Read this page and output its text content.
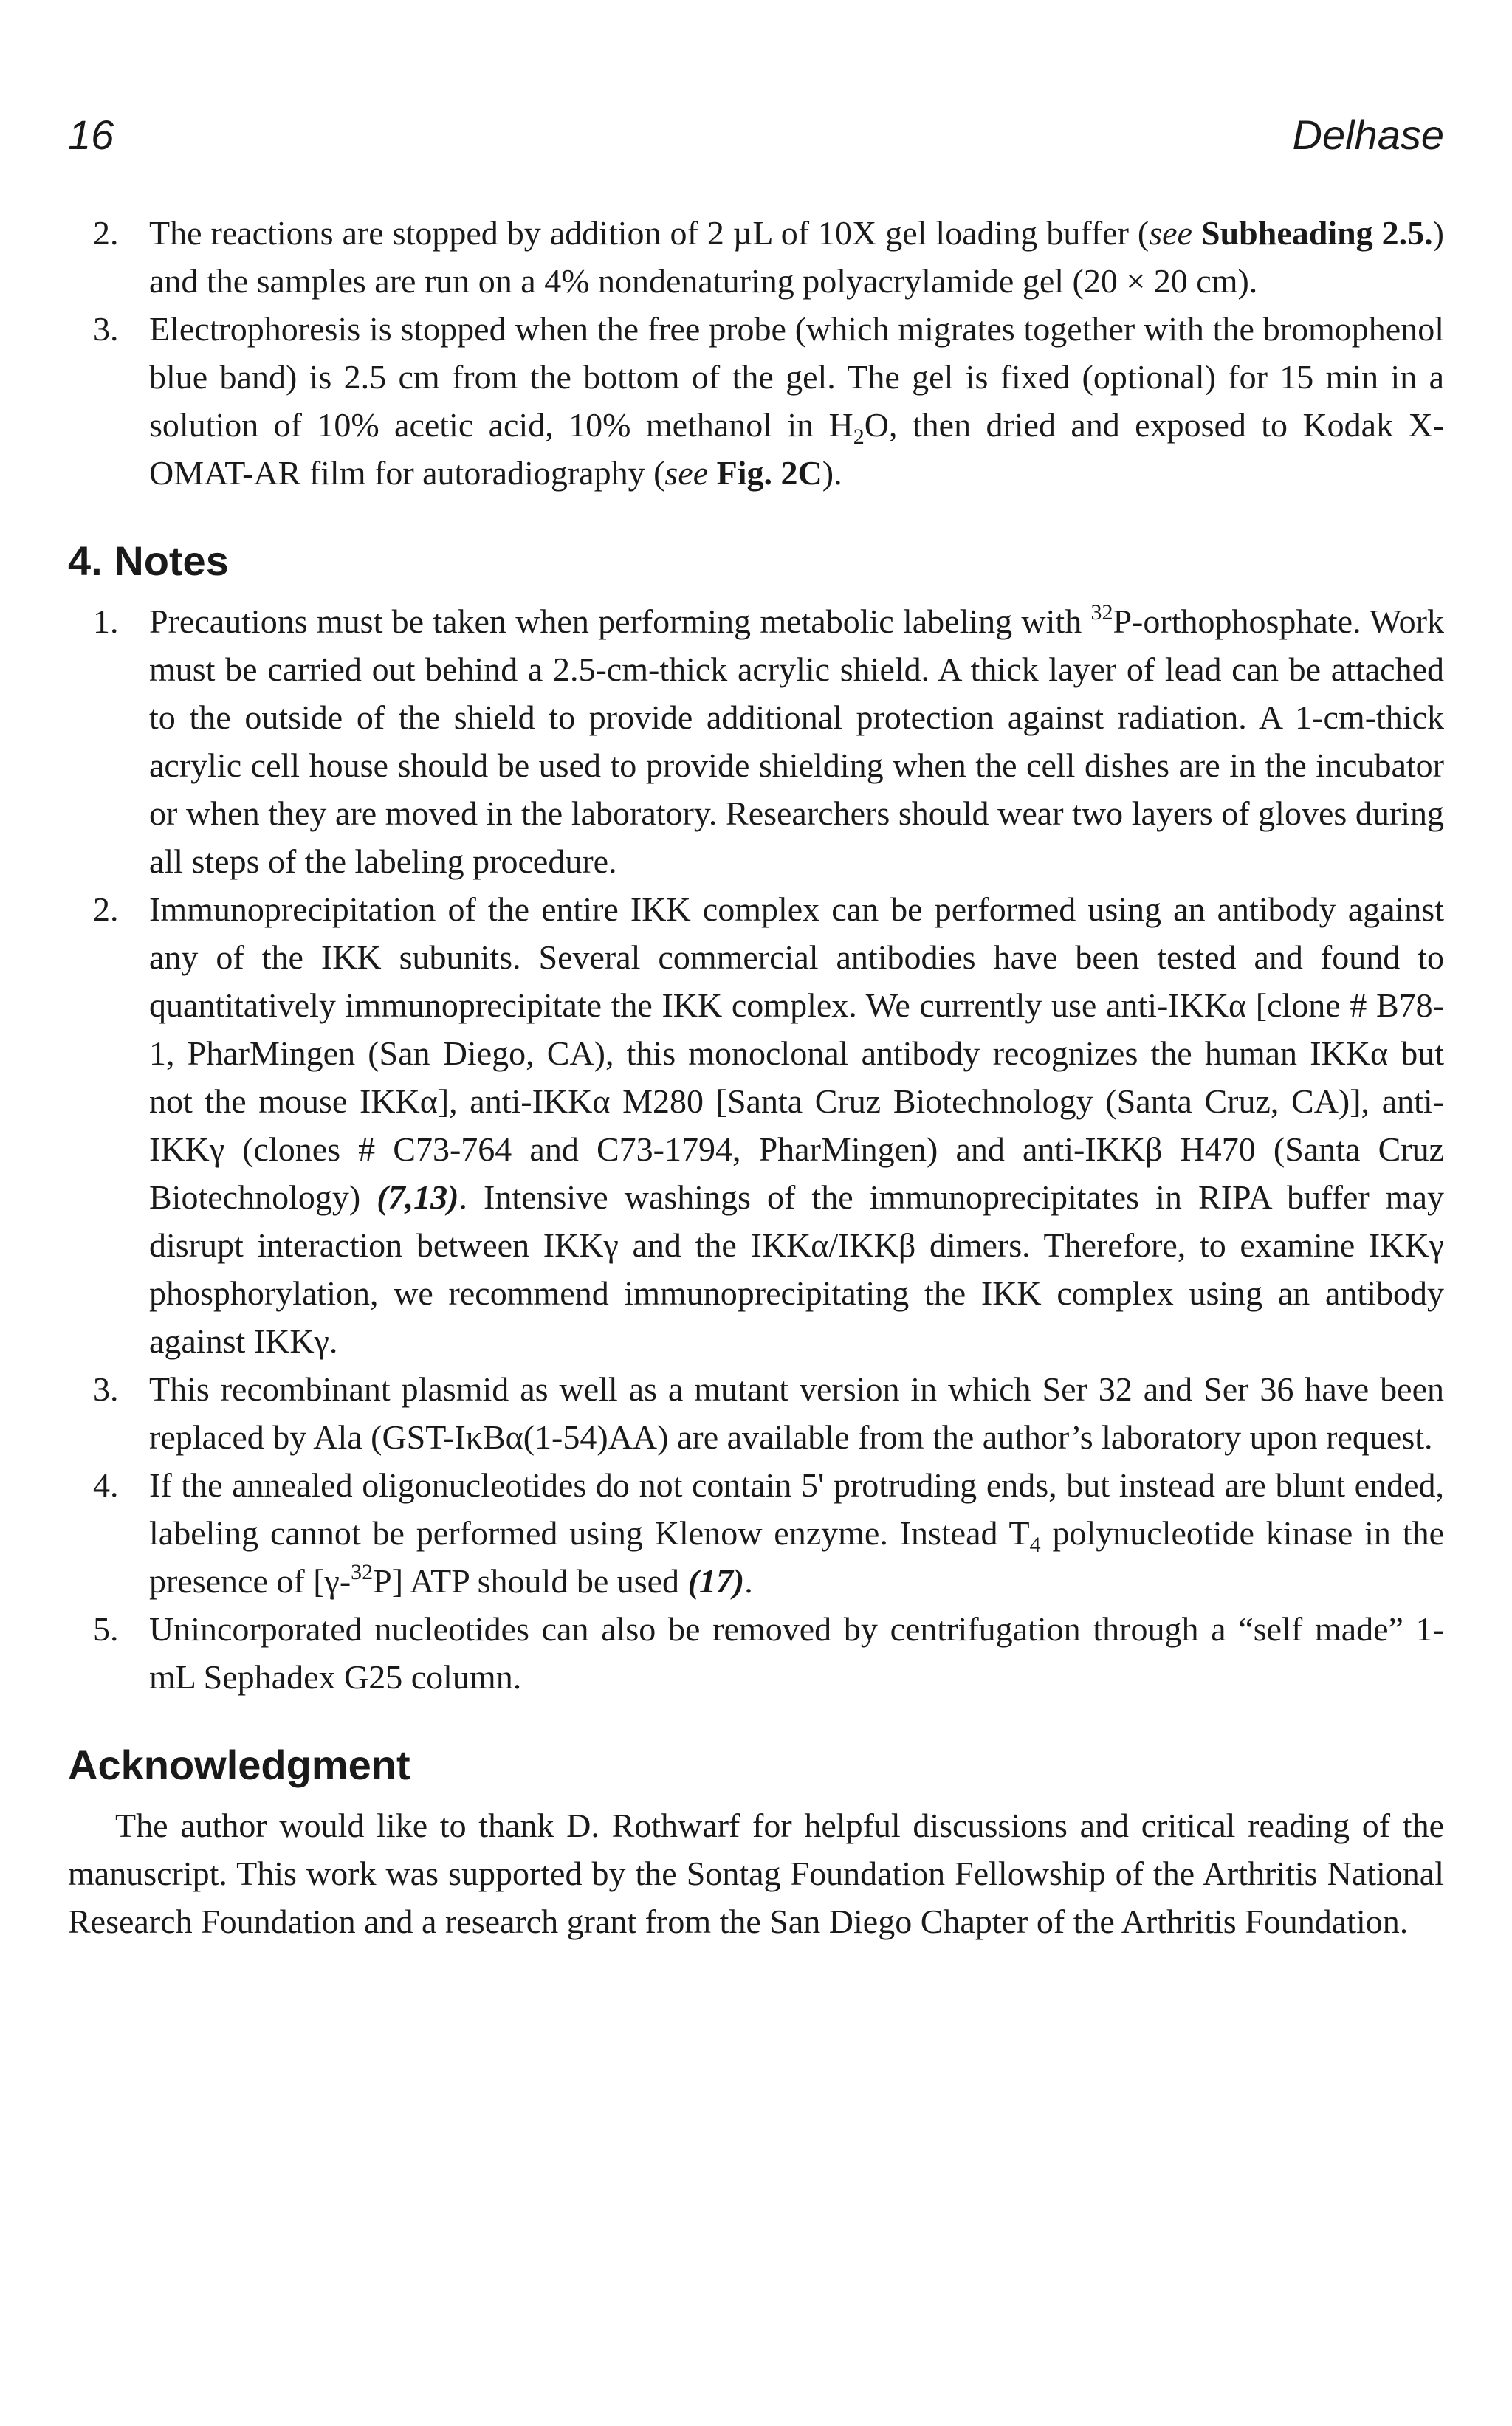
16	Delhase
2. The reactions are stopped by addition of 2 µL of 10X gel loading buffer (see Subheading 2.5.) and the samples are run on a 4% nondenaturing polyacrylamide gel (20 × 20 cm).
3. Electrophoresis is stopped when the free probe (which migrates together with the bromophenol blue band) is 2.5 cm from the bottom of the gel. The gel is fixed (optional) for 15 min in a solution of 10% acetic acid, 10% methanol in $H_2O$, then dried and exposed to Kodak X-OMAT-AR film for autoradiography (see Fig. 2C).
4. Notes
1. Precautions must be taken when performing metabolic labeling with $^{32}$P-orthophosphate. Work must be carried out behind a 2.5-cm-thick acrylic shield. A thick layer of lead can be attached to the outside of the shield to provide additional protection against radiation. A 1-cm-thick acrylic cell house should be used to provide shielding when the cell dishes are in the incubator or when they are moved in the laboratory. Researchers should wear two layers of gloves during all steps of the labeling procedure.
2. Immunoprecipitation of the entire IKK complex can be performed using an antibody against any of the IKK subunits. Several commercial antibodies have been tested and found to quantitatively immunoprecipitate the IKK complex. We currently use anti-IKKα [clone # B78-1, PharMingen (San Diego, CA), this monoclonal antibody recognizes the human IKKα but not the mouse IKKα], anti-IKKα M280 [Santa Cruz Biotechnology (Santa Cruz, CA)], anti-IKKγ (clones # C73-764 and C73-1794, PharMingen) and anti-IKKβ H470 (Santa Cruz Biotechnology) (7,13). Intensive washings of the immunoprecipitates in RIPA buffer may disrupt interaction between IKKγ and the IKKα/IKKβ dimers. Therefore, to examine IKKγ phosphorylation, we recommend immunoprecipitating the IKK complex using an antibody against IKKγ.
3. This recombinant plasmid as well as a mutant version in which Ser 32 and Ser 36 have been replaced by Ala (GST-IκBα(1-54)AA) are available from the author’s laboratory upon request.
4. If the annealed oligonucleotides do not contain 5' protruding ends, but instead are blunt ended, labeling cannot be performed using Klenow enzyme. Instead $T_4$ polynucleotide kinase in the presence of [γ-$^{32}$P] ATP should be used (17).
5. Unincorporated nucleotides can also be removed by centrifugation through a “self made” 1-mL Sephadex G25 column.
Acknowledgment

The author would like to thank D. Rothwarf for helpful discussions and critical reading of the manuscript. This work was supported by the Sontag Foundation Fellowship of the Arthritis National Research Foundation and a research grant from the San Diego Chapter of the Arthritis Foundation.
